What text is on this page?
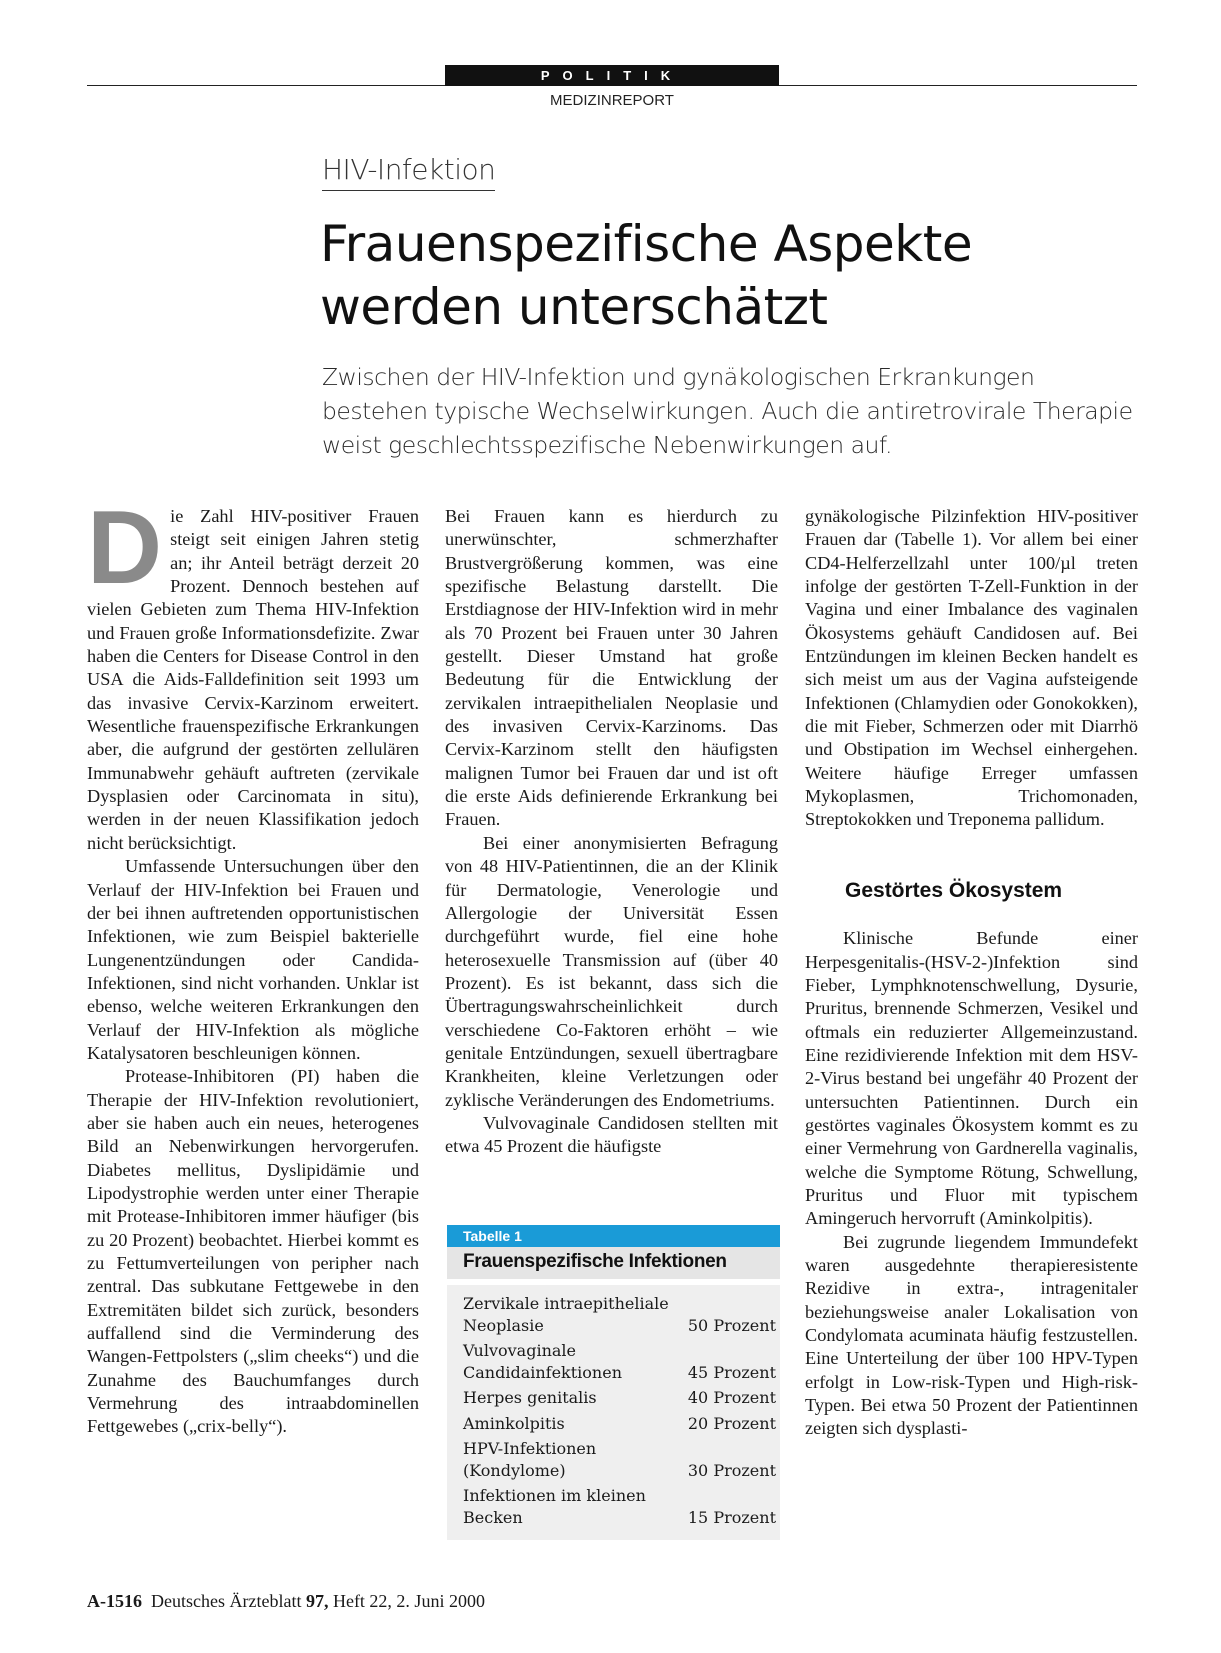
POLITIK
MEDIZINREPORT
HIV-Infektion
Frauenspezifische Aspekte
werden unterschätzt
Zwischen der HIV-Infektion und gynäkologischen Erkrankungen bestehen typische Wechselwirkungen. Auch die antiretrovirale Therapie weist geschlechtsspezifische Nebenwirkungen auf.

Die Zahl HIV-positiver Frauen steigt seit einigen Jahren stetig an; ihr Anteil beträgt derzeit 20 Prozent. Dennoch bestehen auf vielen Gebieten zum Thema HIV-Infektion und Frauen große Informationsdefizite. Zwar haben die Centers for Disease Control in den USA die Aids-Falldefinition seit 1993 um das invasive Cervix-Karzinom erweitert. Wesentliche frauenspezifische Erkrankungen aber, die aufgrund der gestörten zellulären Immunabwehr gehäuft auftreten (zervikale Dysplasien oder Carcinomata in situ), werden in der neuen Klassifikation jedoch nicht berücksichtigt.

Umfassende Untersuchungen über den Verlauf der HIV-Infektion bei Frauen und der bei ihnen auftretenden opportunistischen Infektionen, wie zum Beispiel bakterielle Lungenentzündungen oder Candida-Infektionen, sind nicht vorhanden. Unklar ist ebenso, welche weiteren Erkrankungen den Verlauf der HIV-Infektion als mögliche Katalysatoren beschleunigen können.

Protease-Inhibitoren (PI) haben die Therapie der HIV-Infektion revolutioniert, aber sie haben auch ein neues, heterogenes Bild an Nebenwirkungen hervorgerufen. Diabetes mellitus, Dyslipidämie und Lipodystrophie werden unter einer Therapie mit Protease-Inhibitoren immer häufiger (bis zu 20 Prozent) beobachtet. Hierbei kommt es zu Fettumverteilungen von peripher nach zentral. Das subkutane Fettgewebe in den Extremitäten bildet sich zurück, besonders auffallend sind die Verminderung des Wangen-Fettpolsters („slim cheeks“) und die Zunahme des Bauchumfanges durch Vermehrung des intraabdominellen Fettgewebes („crix-belly“).

Bei Frauen kann es hierdurch zu unerwünschter, schmerzhafter Brustvergrößerung kommen, was eine spezifische Belastung darstellt. Die Erstdiagnose der HIV-Infektion wird in mehr als 70 Prozent bei Frauen unter 30 Jahren gestellt. Dieser Umstand hat große Bedeutung für die Entwicklung der zervikalen intraepithelialen Neoplasie und des invasiven Cervix-Karzinoms. Das Cervix-Karzinom stellt den häufigsten malignen Tumor bei Frauen dar und ist oft die erste Aids definierende Erkrankung bei Frauen.

Bei einer anonymisierten Befragung von 48 HIV-Patientinnen, die an der Klinik für Dermatologie, Venerologie und Allergologie der Universität Essen durchgeführt wurde, fiel eine hohe heterosexuelle Transmission auf (über 40 Prozent). Es ist bekannt, dass sich die Übertragungswahrscheinlichkeit durch verschiedene Co-Faktoren erhöht – wie genitale Entzündungen, sexuell übertragbare Krankheiten, kleine Verletzungen oder zyklische Veränderungen des Endometriums.

Vulvovaginale Candidosen stellten mit etwa 45 Prozent die häufigste

Tabelle 1
Frauenspezifische Infektionen
Zervikale intraepitheliale Neoplasie	50 Prozent
Vulvovaginale Candidainfektionen	45 Prozent
Herpes genitalis	40 Prozent
Aminkolpitis	20 Prozent
HPV-Infektionen (Kondylome)	30 Prozent
Infektionen im kleinen Becken	15 Prozent

gynäkologische Pilzinfektion HIV-positiver Frauen dar (Tabelle 1). Vor allem bei einer CD4-Helferzellzahl unter 100/µl treten infolge der gestörten T-Zell-Funktion in der Vagina und einer Imbalance des vaginalen Ökosystems gehäuft Candidosen auf. Bei Entzündungen im kleinen Becken handelt es sich meist um aus der Vagina aufsteigende Infektionen (Chlamydien oder Gonokokken), die mit Fieber, Schmerzen oder mit Diarrhö und Obstipation im Wechsel einhergehen. Weitere häufige Erreger umfassen Mykoplasmen, Trichomonaden, Streptokokken und Treponema pallidum.

Gestörtes Ökosystem

Klinische Befunde einer Herpesgenitalis-(HSV-2-)Infektion sind Fieber, Lymphknotenschwellung, Dysurie, Pruritus, brennende Schmerzen, Vesikel und oftmals ein reduzierter Allgemeinzustand. Eine rezidivierende Infektion mit dem HSV-2-Virus bestand bei ungefähr 40 Prozent der untersuchten Patientinnen. Durch ein gestörtes vaginales Ökosystem kommt es zu einer Vermehrung von Gardnerella vaginalis, welche die Symptome Rötung, Schwellung, Pruritus und Fluor mit typischem Amingeruch hervorruft (Aminkolpitis).

Bei zugrunde liegendem Immundefekt waren ausgedehnte therapieresistente Rezidive in extra-, intragenitaler beziehungsweise analer Lokalisation von Condylomata acuminata häufig festzustellen. Eine Unterteilung der über 100 HPV-Typen erfolgt in Low-risk-Typen und High-risk-Typen. Bei etwa 50 Prozent der Patientinnen zeigten sich dysplasti-

A-1516 Deutsches Ärzteblatt 97, Heft 22, 2. Juni 2000
